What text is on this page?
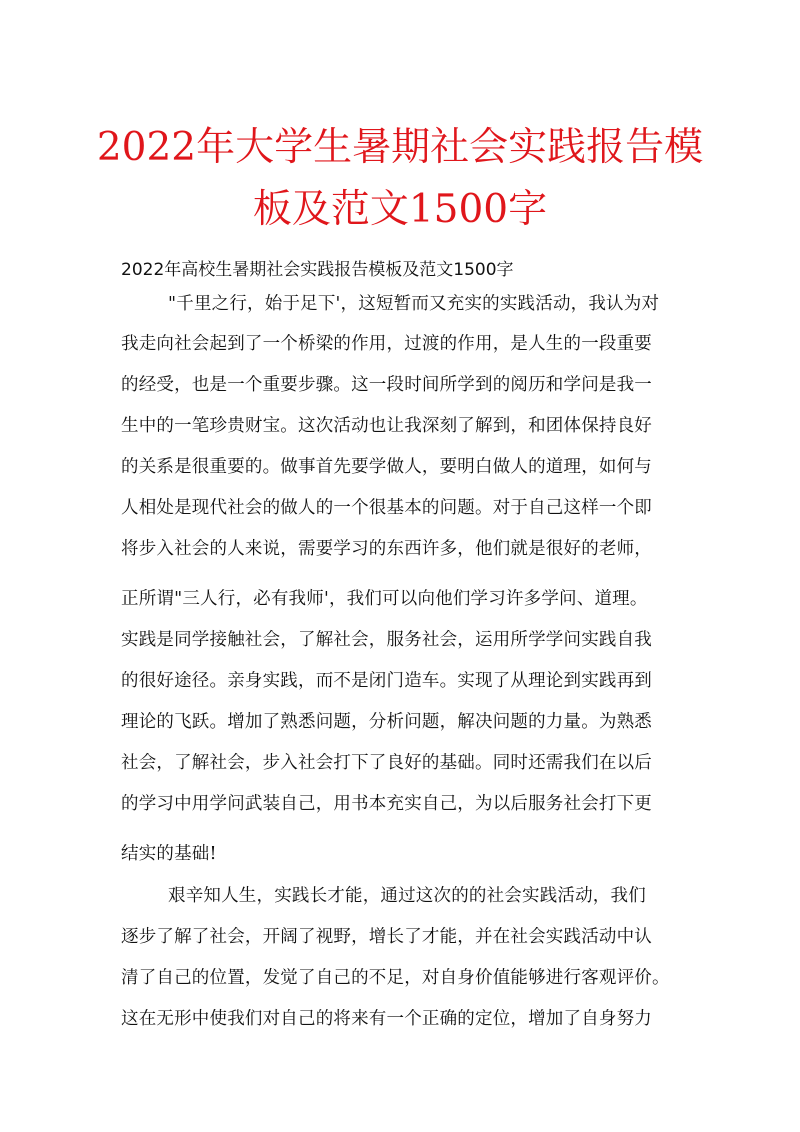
2022年大学生暑期社会实践报告模
板及范文1500字
2022年高校生暑期社会实践报告模板及范文1500字
"千里之行，始于足下'，这短暂而又充实的实践活动，我认为对
我走向社会起到了一个桥梁的作用，过渡的作用，是人生的一段重要
的经受，也是一个重要步骤。这一段时间所学到的阅历和学问是我一
生中的一笔珍贵财宝。这次活动也让我深刻了解到，和团体保持良好
的关系是很重要的。做事首先要学做人，要明白做人的道理，如何与
人相处是现代社会的做人的一个很基本的问题。对于自己这样一个即
将步入社会的人来说，需要学习的东西许多，他们就是很好的老师，
正所谓"三人行，必有我师'，我们可以向他们学习许多学问、道理。
实践是同学接触社会，了解社会，服务社会，运用所学学问实践自我
的很好途径。亲身实践，而不是闭门造车。实现了从理论到实践再到
理论的飞跃。增加了熟悉问题，分析问题，解决问题的力量。为熟悉
社会，了解社会，步入社会打下了良好的基础。同时还需我们在以后
的学习中用学问武装自己，用书本充实自己，为以后服务社会打下更
结实的基础!
艰辛知人生，实践长才能，通过这次的的社会实践活动，我们
逐步了解了社会，开阔了视野，增长了才能，并在社会实践活动中认
清了自己的位置，发觉了自己的不足，对自身价值能够进行客观评价。
这在无形中使我们对自己的将来有一个正确的定位，增加了自身努力
